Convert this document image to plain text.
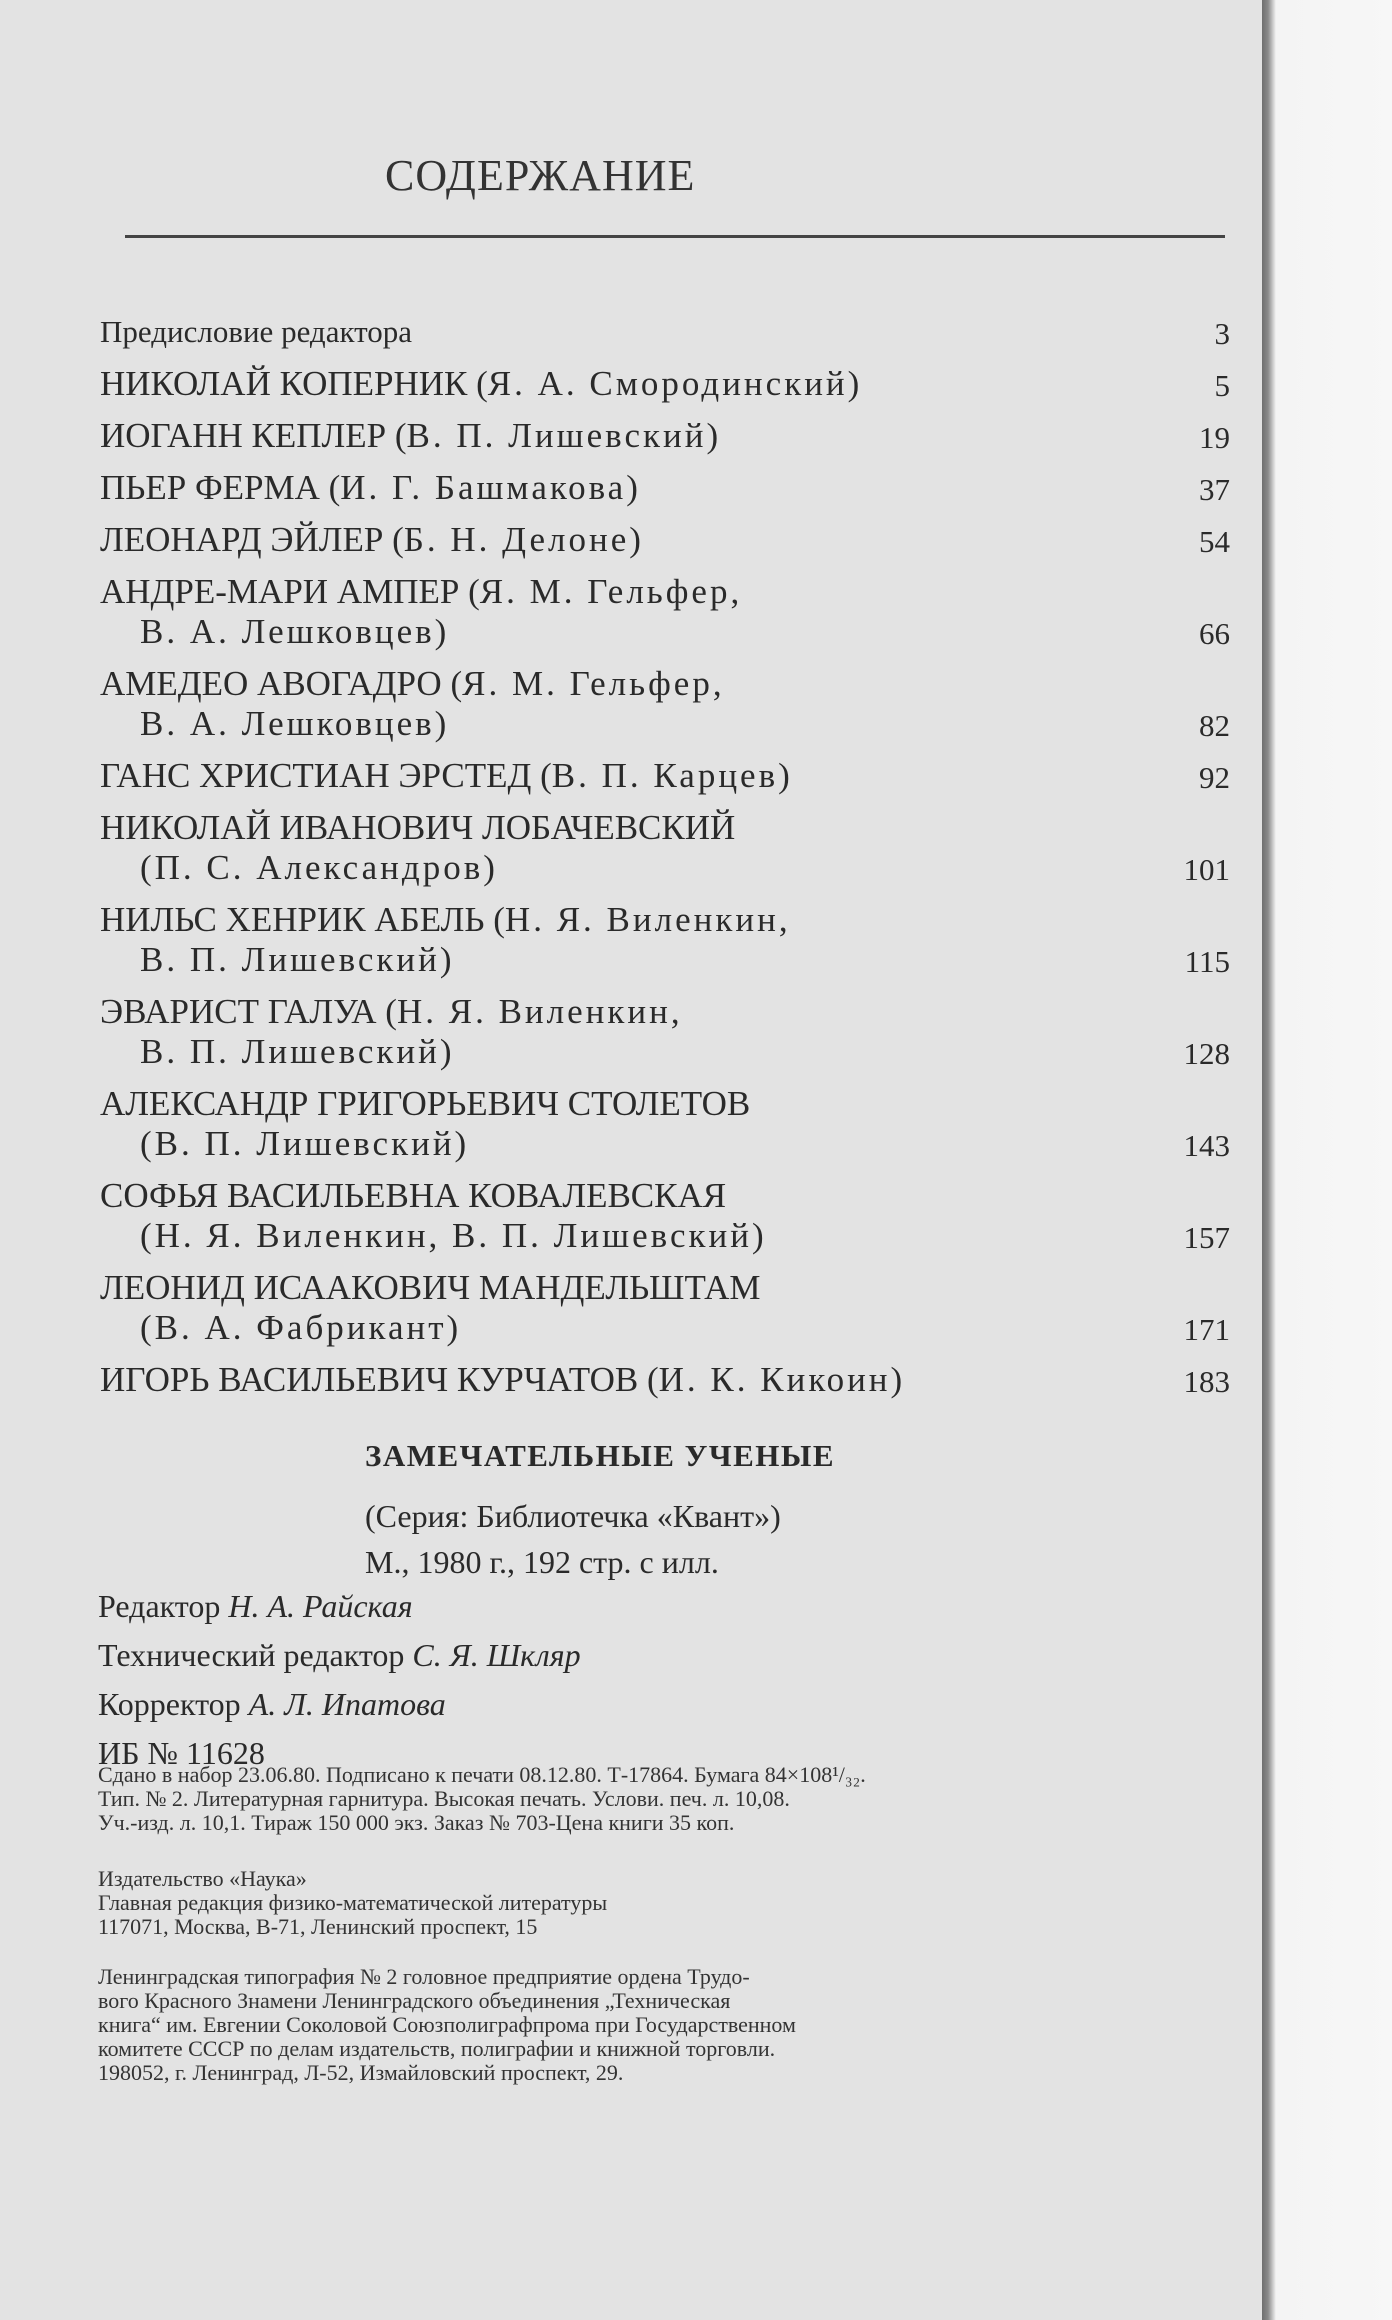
СОДЕРЖАНИЕ
Предисловие редактора	3
НИКОЛАЙ КОПЕРНИК (Я. А. Смородинский)	5
ИОГАНН КЕПЛЕР (В. П. Лишевский)	19
ПЬЕР ФЕРМА (И. Г. Башмакова)	37
ЛЕОНАРД ЭЙЛЕР (Б. Н. Делоне)	54
АНДРЕ-МАРИ АМПЕР (Я. М. Гельфер,
В. А. Лешковцев)	66
АМЕДЕО АВОГАДРО (Я. М. Гельфер,
В. А. Лешковцев)	82
ГАНС ХРИСТИАН ЭРСТЕД (В. П. Карцев)	92
НИКОЛАЙ ИВАНОВИЧ ЛОБАЧЕВСКИЙ
(П. С. Александров)	101
НИЛЬС ХЕНРИК АБЕЛЬ (Н. Я. Виленкин,
В. П. Лишевский)	115
ЭВАРИСТ ГАЛУА (Н. Я. Виленкин,
В. П. Лишевский)	128
АЛЕКСАНДР ГРИГОРЬЕВИЧ СТОЛЕТОВ
(В. П. Лишевский)	143
СОФЬЯ ВАСИЛЬЕВНА КОВАЛЕВСКАЯ
(Н. Я. Виленкин, В. П. Лишевский)	157
ЛЕОНИД ИСААКОВИЧ МАНДЕЛЬШТАМ
(В. А. Фабрикант)	171
ИГОРЬ ВАСИЛЬЕВИЧ КУРЧАТОВ (И. К. Кикоин)	183
ЗАМЕЧАТЕЛЬНЫЕ УЧЕНЫЕ
(Серия: Библиотечка «Квант»)
М., 1980 г., 192 стр. с илл.
Редактор Н. А. Райская
Технический редактор С. Я. Шкляр
Корректор А. Л. Ипатова
ИБ № 11628
Сдано в набор 23.06.80. Подписано к печати 08.12.80. Т-17864. Бумага 84×108¹/₃₂.
Тип. № 2. Литературная гарнитура. Высокая печать. Услови. печ. л. 10,08.
Уч.-изд. л. 10,1. Тираж 150 000 экз. Заказ № 703-Цена книги 35 коп.
Издательство «Наука»
Главная редакция физико-математической литературы
117071, Москва, В-71, Ленинский проспект, 15
Ленинградская типография № 2 головное предприятие ордена Трудо-
вого Красного Знамени Ленинградского объединения „Техническая
книга“ им. Евгении Соколовой Союзполиграфпрома при Государственном
комитете СССР по делам издательств, полиграфии и книжной торговли.
198052, г. Ленинград, Л-52, Измайловский проспект, 29.
